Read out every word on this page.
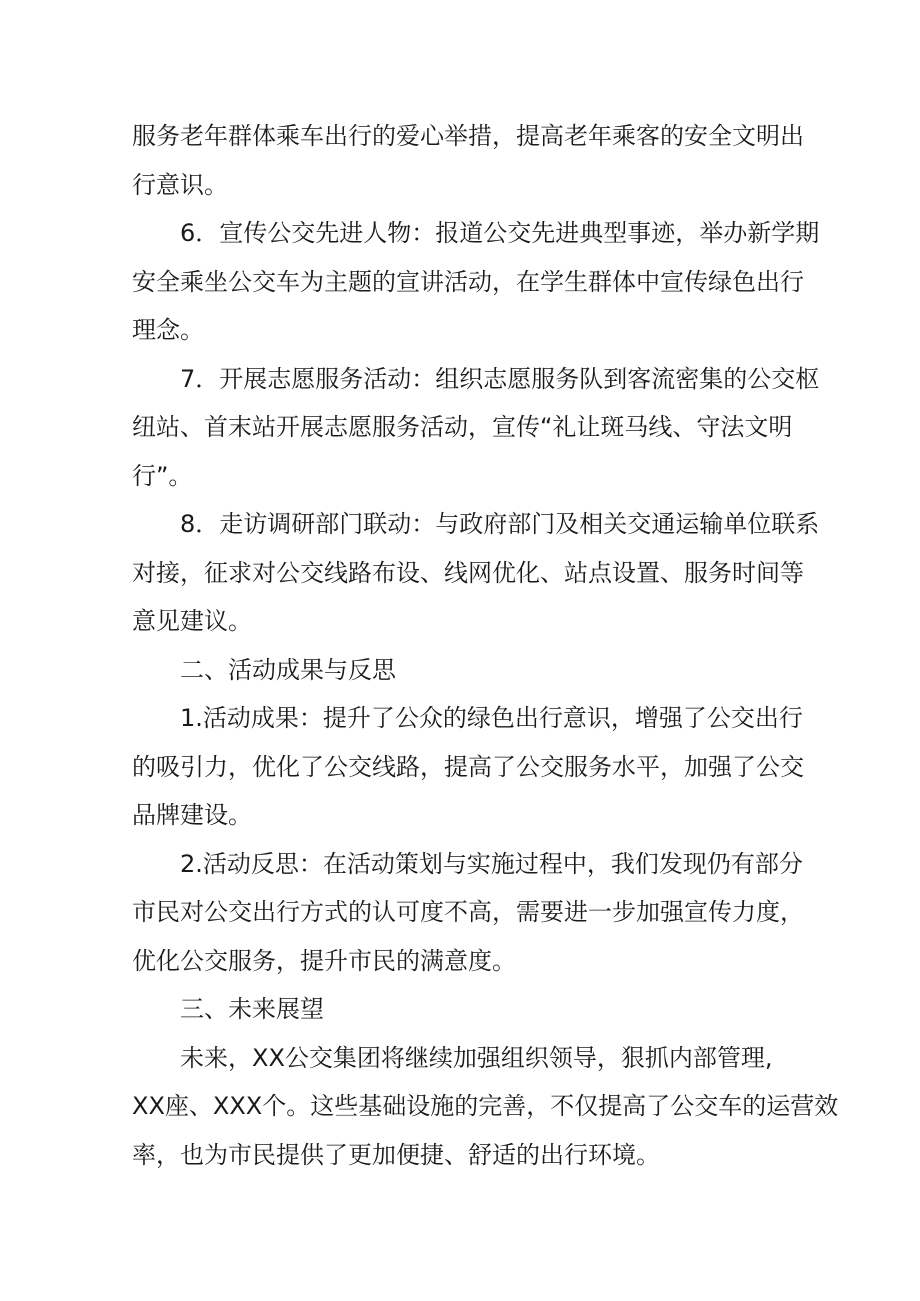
服务老年群体乘车出行的爱心举措，提高老年乘客的安全文明出
行意识。

6．宣传公交先进人物：报道公交先进典型事迹，举办新学期
安全乘坐公交车为主题的宣讲活动，在学生群体中宣传绿色出行
理念。

7．开展志愿服务活动：组织志愿服务队到客流密集的公交枢
纽站、首末站开展志愿服务活动，宣传“礼让斑马线、守法文明
行”。

8．走访调研部门联动：与政府部门及相关交通运输单位联系
对接，征求对公交线路布设、线网优化、站点设置、服务时间等
意见建议。

二、活动成果与反思

1.活动成果：提升了公众的绿色出行意识，增强了公交出行
的吸引力，优化了公交线路，提高了公交服务水平，加强了公交
品牌建设。

2.活动反思：在活动策划与实施过程中，我们发现仍有部分
市民对公交出行方式的认可度不高，需要进一步加强宣传力度，
优化公交服务，提升市民的满意度。

三、未来展望

未来，XX公交集团将继续加强组织领导，狠抓内部管理,
XX座、XXX个。这些基础设施的完善，不仅提高了公交车的运营效
率，也为市民提供了更加便捷、舒适的出行环境。
